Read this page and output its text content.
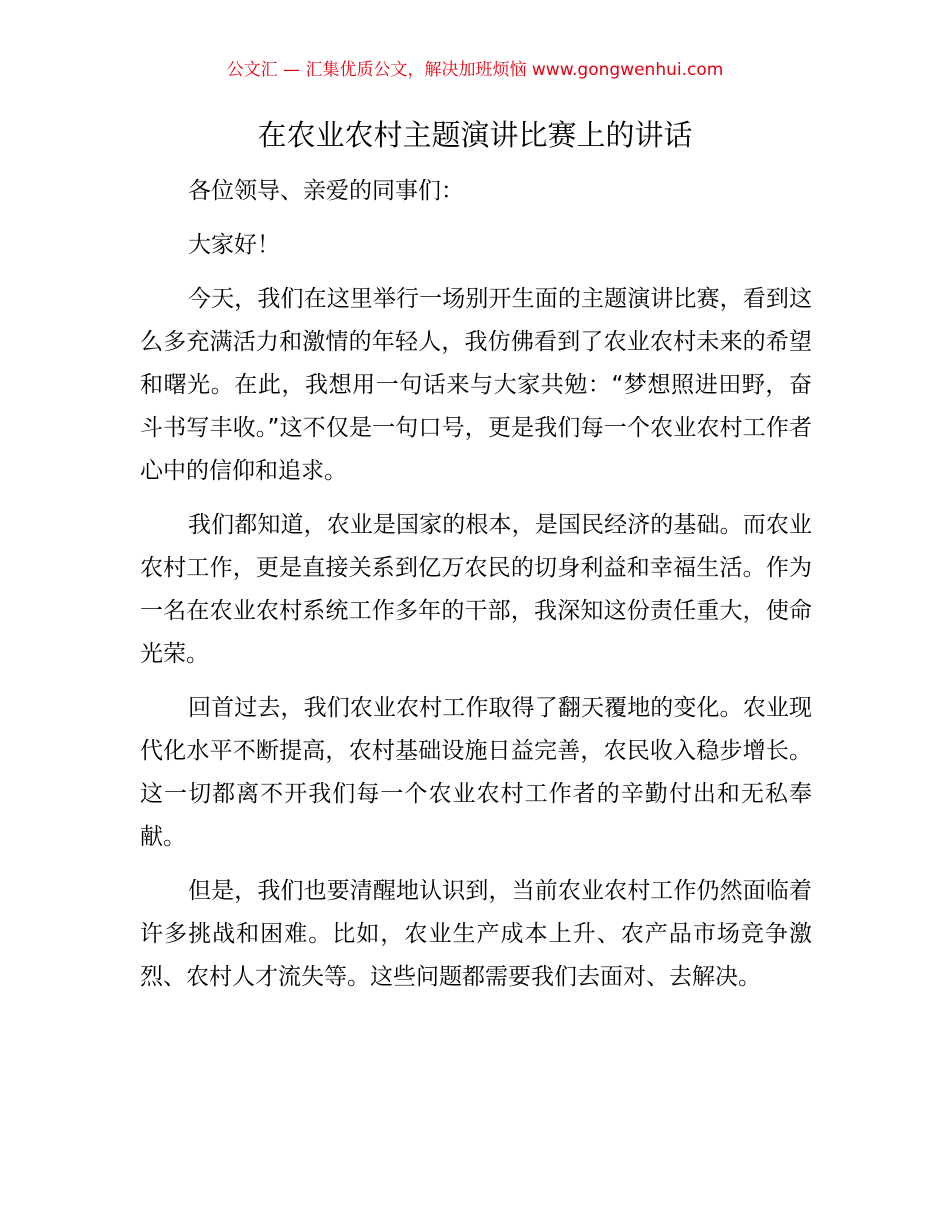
公文汇 — 汇集优质公文，解决加班烦恼 www.gongwenhui.com
在农业农村主题演讲比赛上的讲话

各位领导、亲爱的同事们：

大家好！

今天，我们在这里举行一场别开生面的主题演讲比赛，看到这么多充满活力和激情的年轻人，我仿佛看到了农业农村未来的希望和曙光。在此，我想用一句话来与大家共勉：“梦想照进田野，奋斗书写丰收。”这不仅是一句口号，更是我们每一个农业农村工作者心中的信仰和追求。

我们都知道，农业是国家的根本，是国民经济的基础。而农业农村工作，更是直接关系到亿万农民的切身利益和幸福生活。作为一名在农业农村系统工作多年的干部，我深知这份责任重大，使命光荣。

回首过去，我们农业农村工作取得了翻天覆地的变化。农业现代化水平不断提高，农村基础设施日益完善，农民收入稳步增长。这一切都离不开我们每一个农业农村工作者的辛勤付出和无私奉献。

但是，我们也要清醒地认识到，当前农业农村工作仍然面临着许多挑战和困难。比如，农业生产成本上升、农产品市场竞争激烈、农村人才流失等。这些问题都需要我们去面对、去解决。
